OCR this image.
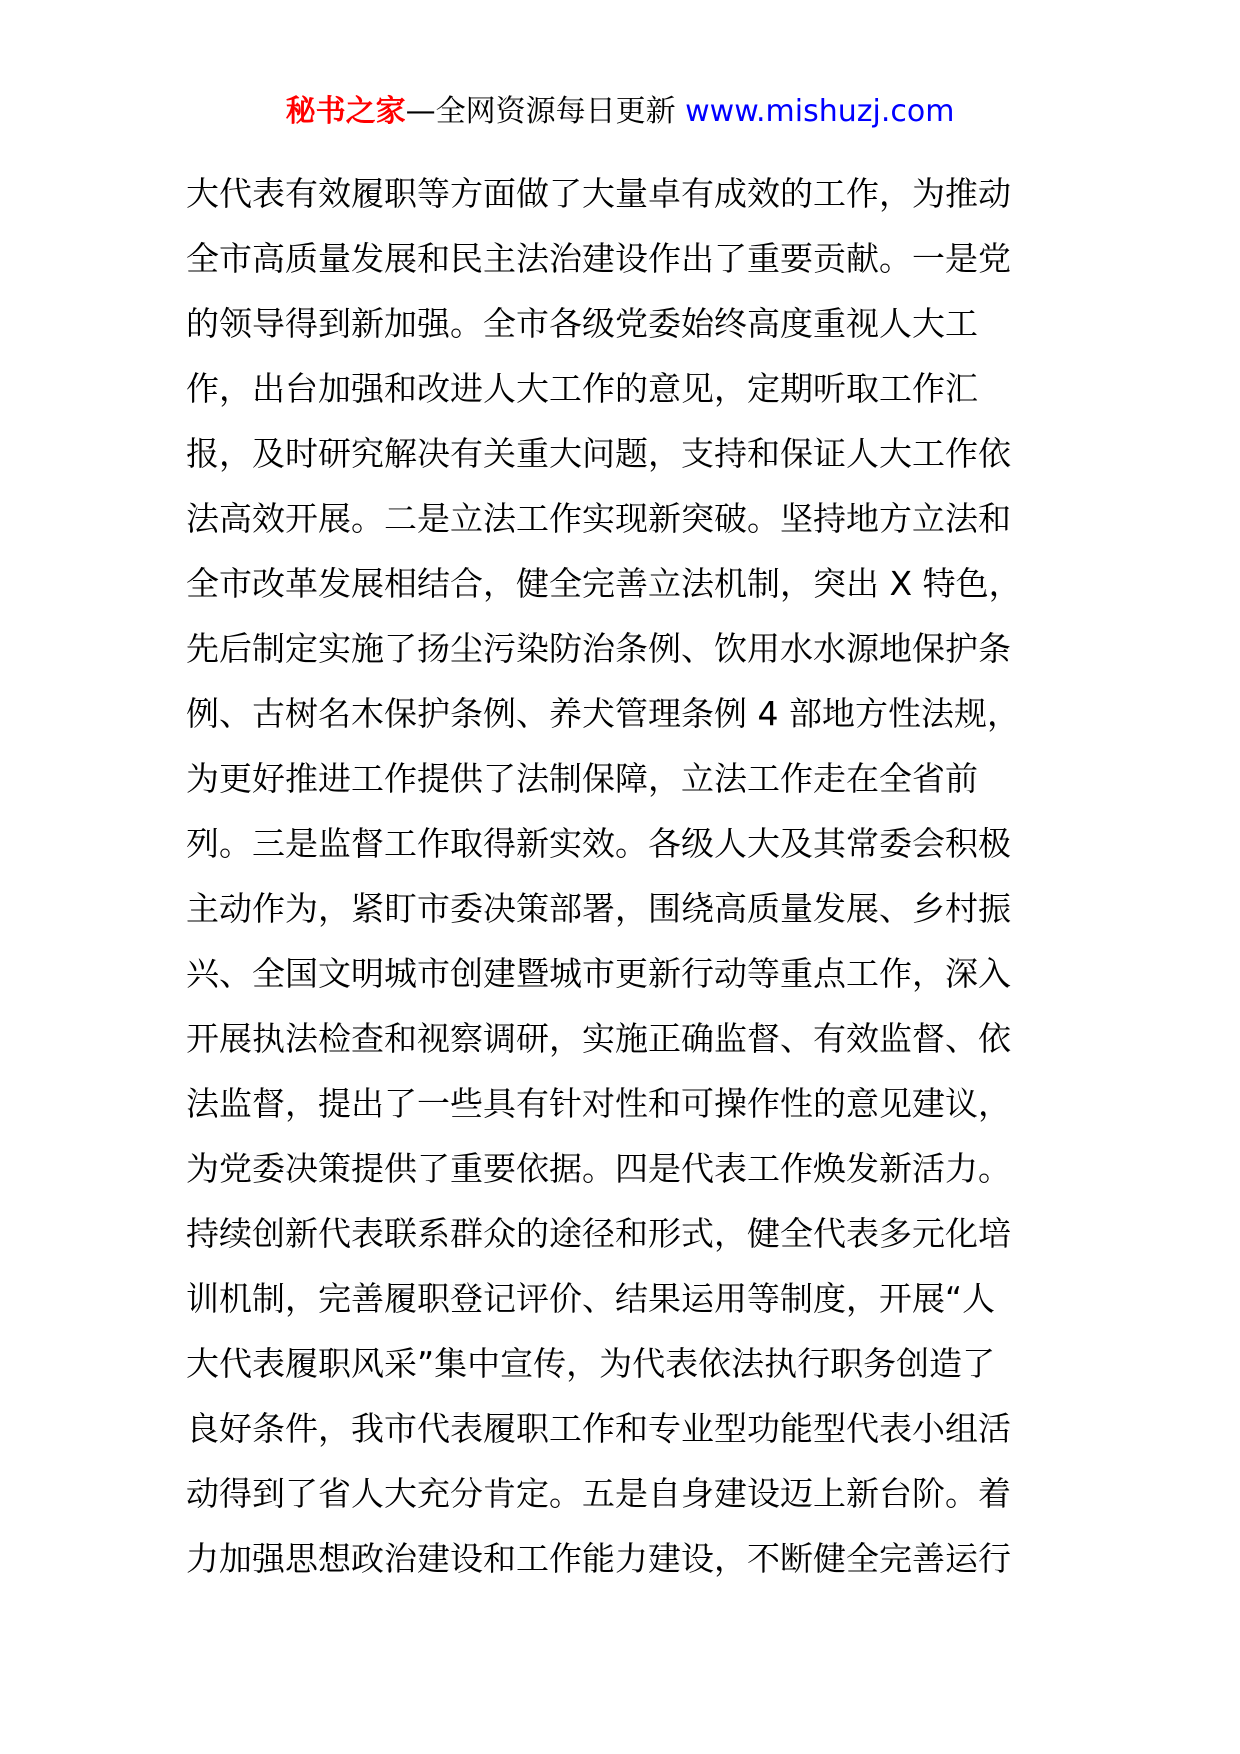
秘书之家—全网资源每日更新 www.mishuzj.com
大代表有效履职等方面做了大量卓有成效的工作，为推动
全市高质量发展和民主法治建设作出了重要贡献。一是党
的领导得到新加强。全市各级党委始终高度重视人大工
作，出台加强和改进人大工作的意见，定期听取工作汇
报，及时研究解决有关重大问题，支持和保证人大工作依
法高效开展。二是立法工作实现新突破。坚持地方立法和
全市改革发展相结合，健全完善立法机制，突出 X 特色，
先后制定实施了扬尘污染防治条例、饮用水水源地保护条
例、古树名木保护条例、养犬管理条例 4 部地方性法规，
为更好推进工作提供了法制保障，立法工作走在全省前
列。三是监督工作取得新实效。各级人大及其常委会积极
主动作为，紧盯市委决策部署，围绕高质量发展、乡村振
兴、全国文明城市创建暨城市更新行动等重点工作，深入
开展执法检查和视察调研，实施正确监督、有效监督、依
法监督，提出了一些具有针对性和可操作性的意见建议，
为党委决策提供了重要依据。四是代表工作焕发新活力。
持续创新代表联系群众的途径和形式，健全代表多元化培
训机制，完善履职登记评价、结果运用等制度，开展“人
大代表履职风采”集中宣传，为代表依法执行职务创造了
良好条件，我市代表履职工作和专业型功能型代表小组活
动得到了省人大充分肯定。五是自身建设迈上新台阶。着
力加强思想政治建设和工作能力建设，不断健全完善运行
